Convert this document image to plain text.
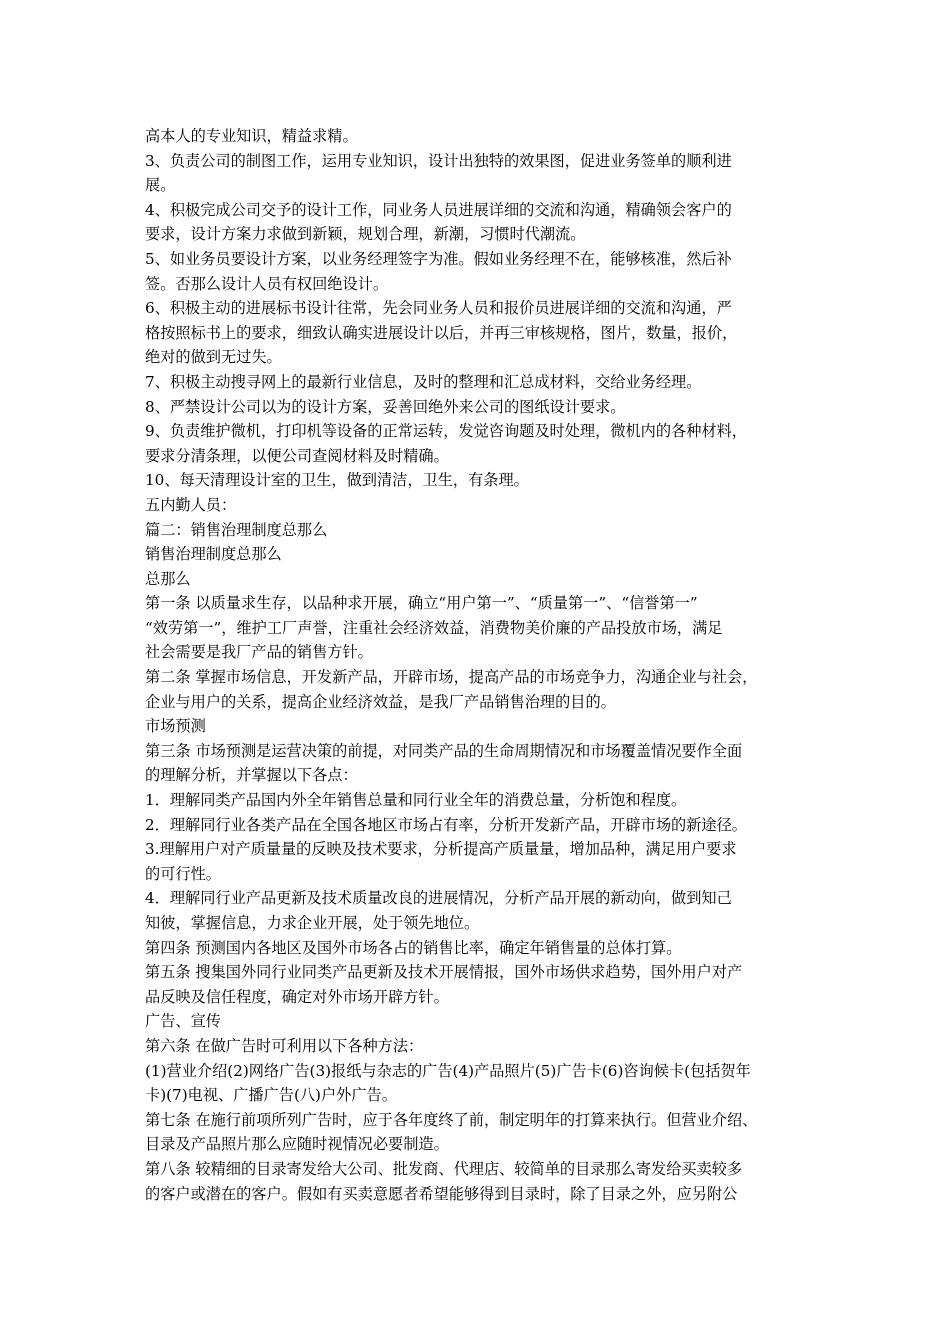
高本人的专业知识，精益求精。
3、负责公司的制图工作，运用专业知识，设计出独特的效果图，促进业务签单的顺利进
展。
4、积极完成公司交予的设计工作，同业务人员进展详细的交流和沟通，精确领会客户的
要求，设计方案力求做到新颖，规划合理，新潮，习惯时代潮流。
5、如业务员要设计方案，以业务经理签字为准。假如业务经理不在，能够核准，然后补
签。否那么设计人员有权回绝设计。
6、积极主动的进展标书设计往常，先会同业务人员和报价员进展详细的交流和沟通，严
格按照标书上的要求，细致认确实进展设计以后，并再三审核规格，图片，数量，报价，
绝对的做到无过失。
7、积极主动搜寻网上的最新行业信息，及时的整理和汇总成材料，交给业务经理。
8、严禁设计公司以为的设计方案，妥善回绝外来公司的图纸设计要求。
9、负责维护微机，打印机等设备的正常运转，发觉咨询题及时处理，微机内的各种材料，
要求分清条理，以便公司查阅材料及时精确。
10、每天清理设计室的卫生，做到清洁，卫生，有条理。
五内勤人员：
篇二：销售治理制度总那么
销售治理制度总那么
总那么
第一条 以质量求生存，以品种求开展，确立“用户第一”、“质量第一”、“信誉第一”
“效劳第一”，维护工厂声誉，注重社会经济效益，消费物美价廉的产品投放市场，满足
社会需要是我厂产品的销售方针。
第二条 掌握市场信息，开发新产品，开辟市场，提高产品的市场竞争力，沟通企业与社会，
企业与用户的关系，提高企业经济效益，是我厂产品销售治理的目的。
市场预测
第三条 市场预测是运营决策的前提，对同类产品的生命周期情况和市场覆盖情况要作全面
的理解分析，并掌握以下各点：
1．理解同类产品国内外全年销售总量和同行业全年的消费总量，分析饱和程度。
2．理解同行业各类产品在全国各地区市场占有率，分析开发新产品，开辟市场的新途径。
3.理解用户对产质量量的反映及技术要求，分析提高产质量量，增加品种，满足用户要求
的可行性。
4．理解同行业产品更新及技术质量改良的进展情况，分析产品开展的新动向，做到知己
知彼，掌握信息，力求企业开展，处于领先地位。
第四条 预测国内各地区及国外市场各占的销售比率，确定年销售量的总体打算。
第五条 搜集国外同行业同类产品更新及技术开展情报，国外市场供求趋势，国外用户对产
品反映及信任程度，确定对外市场开辟方针。
广告、宣传
第六条 在做广告时可利用以下各种方法：
(1)营业介绍(2)网络广告(3)报纸与杂志的广告(4)产品照片(5)广告卡(6)咨询候卡(包括贺年
卡)(7)电视、广播广告(八)户外广告。
第七条 在施行前项所列广告时，应于各年度终了前，制定明年的打算来执行。但营业介绍、
目录及产品照片那么应随时视情况必要制造。
第八条 较精细的目录寄发给大公司、批发商、代理店、较简单的目录那么寄发给买卖较多
的客户或潜在的客户。假如有买卖意愿者希望能够得到目录时，除了目录之外，应另附公
